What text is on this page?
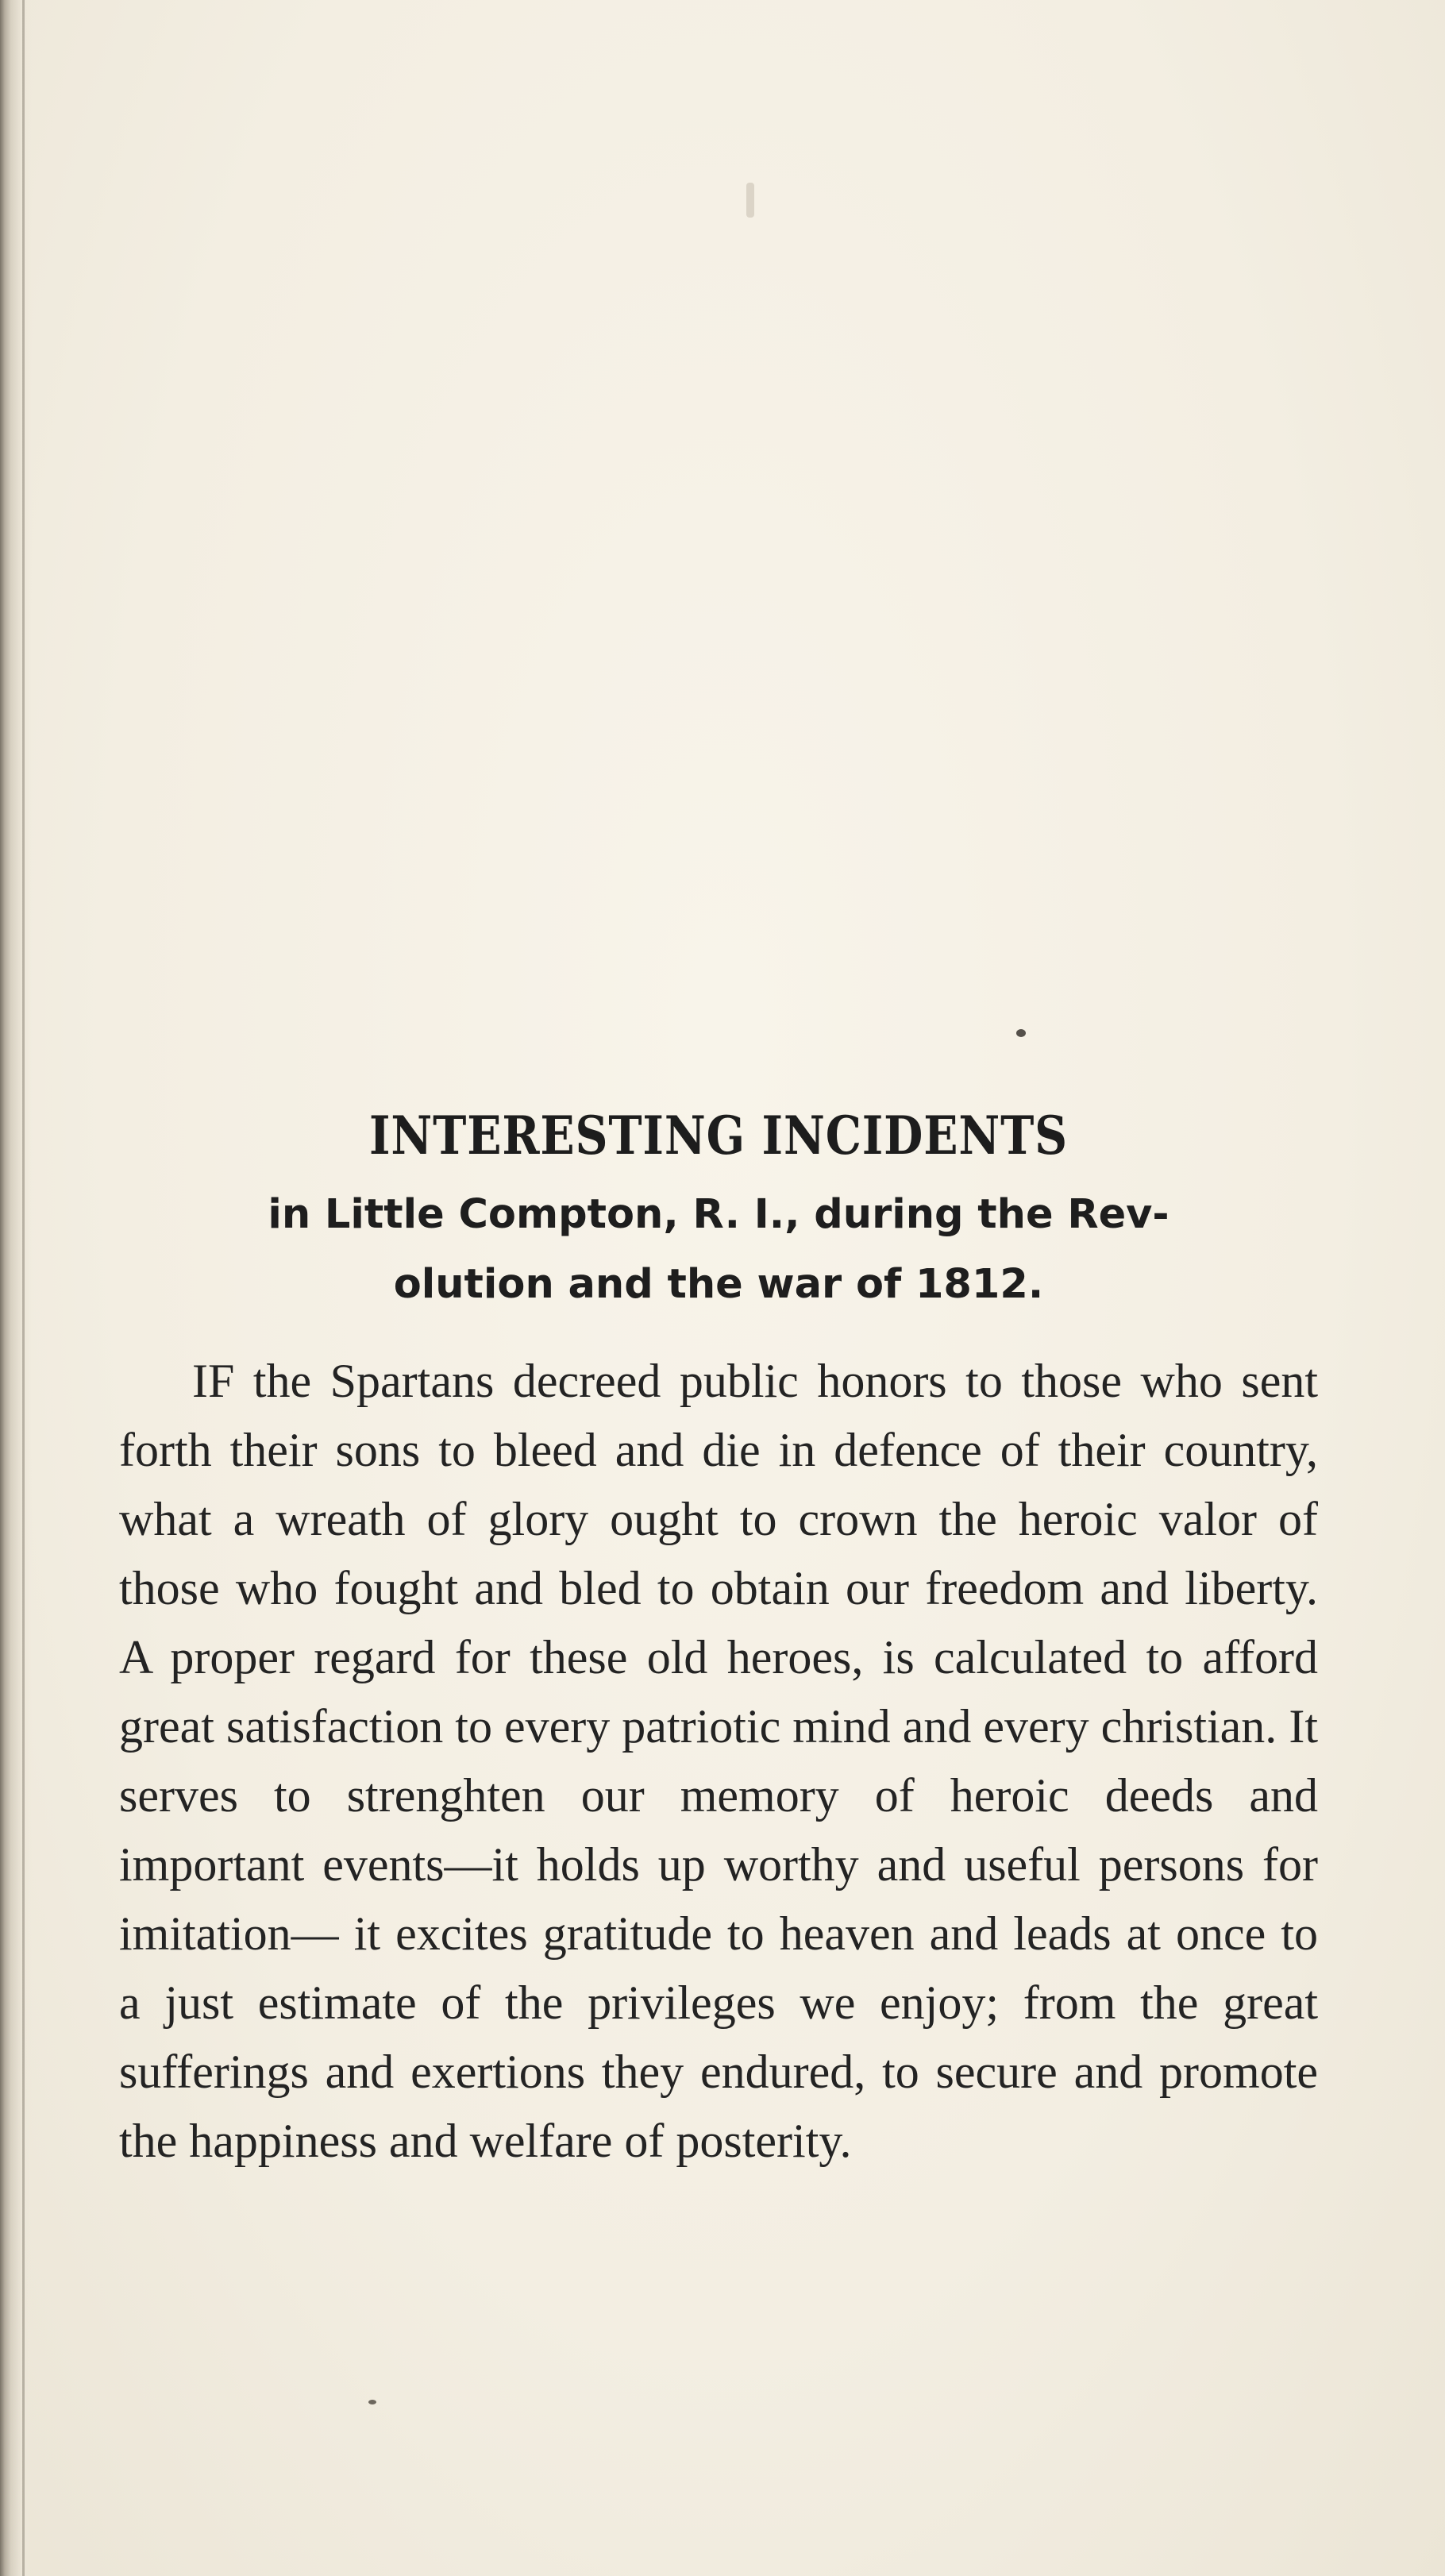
INTERESTING INCIDENTS
in Little Compton, R. I., during the Rev-
olution and the war of 1812.

IF the Spartans decreed public honors to those who sent forth their sons to bleed and die in defence of their country, what a wreath of glory ought to crown the heroic valor of those who fought and bled to obtain our freedom and liberty. A proper regard for these old heroes, is calculated to afford great satisfaction to every patriotic mind and every christian. It serves to strenghten our memory of heroic deeds and important events—it holds up worthy and useful persons for imitation— it excites gratitude to heaven and leads at once to a just estimate of the privileges we enjoy; from the great sufferings and exertions they endured, to secure and promote the happiness and welfare of posterity.
